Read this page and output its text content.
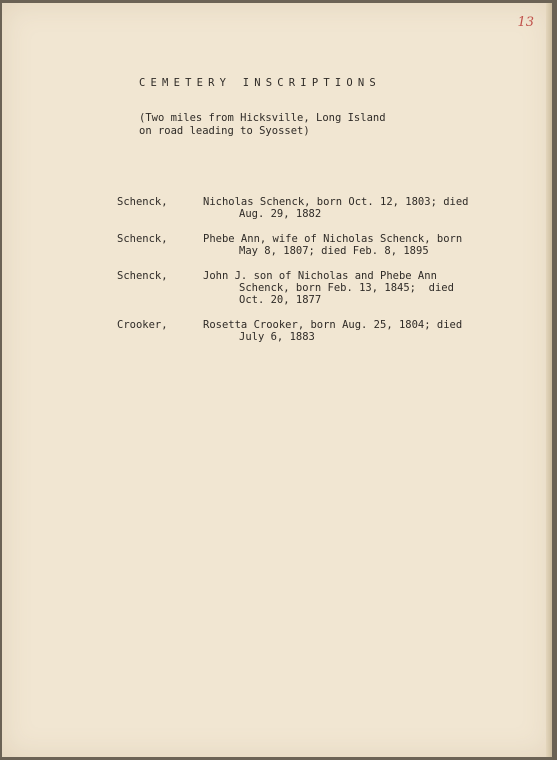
13
CEMETERY INSCRIPTIONS
(Two miles from Hicksville, Long Island
on road leading to Syosset)
Schenck,	Nicholas Schenck, born Oct. 12, 1803; died
Aug. 29, 1882
Schenck,	Phebe Ann, wife of Nicholas Schenck, born
May 8, 1807; died Feb. 8, 1895
Schenck,	John J. son of Nicholas and Phebe Ann
Schenck, born Feb. 13, 1845;  died
Oct. 20, 1877
Crooker,	Rosetta Crooker, born Aug. 25, 1804; died
July 6, 1883
